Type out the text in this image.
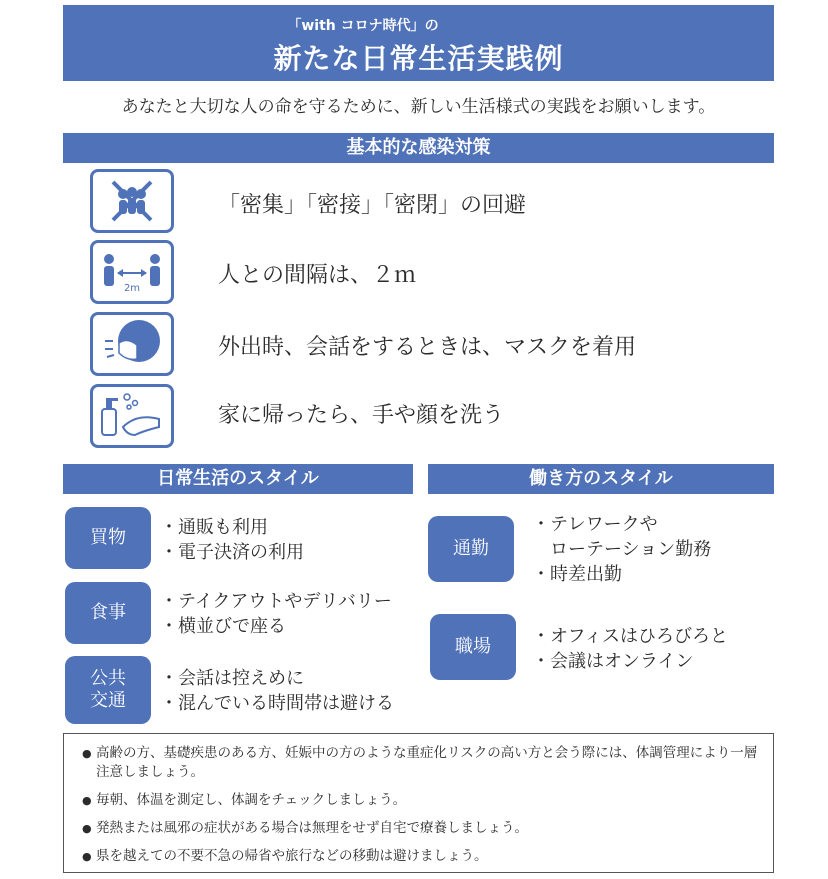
「with コロナ時代」の
新たな日常生活実践例
あなたと大切な人の命を守るために、新しい生活様式の実践をお願いします。
基本的な感染対策
「密集」「密接」「密閉」の回避
2m
人との間隔は、２ｍ
外出時、会話をするときは、マスクを着用
家に帰ったら、手や顔を洗う
日常生活のスタイル
買物 ・通販も利用
・電子決済の利用
食事
・テイクアウトやデリバリー
・横並びで座る
公共
交通
・会話は控えめに
・混んでいる時間帯は避ける
働き方のスタイル
通勤
・テレワークや
　ローテーション勤務
・時差出勤
職場 ・オフィスはひろびろと
・会議はオンライン
● 高齢の方、基礎疾患のある方、妊娠中の方のような重症化リスクの高い方と会う際には、体調管理により一層注意しましょう。
● 毎朝、体温を測定し、体調をチェックしましょう。
● 発熱または風邪の症状がある場合は無理をせず自宅で療養しましょう。
● 県を越えての不要不急の帰省や旅行などの移動は避けましょう。
